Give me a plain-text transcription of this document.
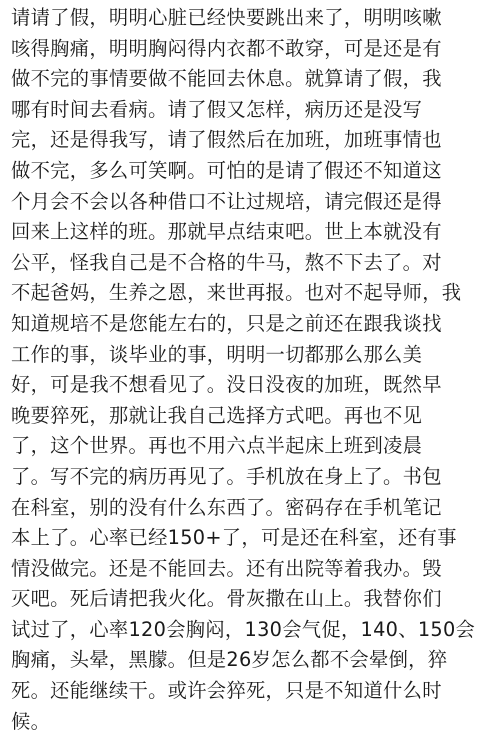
请请了假，明明心脏已经快要跳出来了，明明咳嗽
咳得胸痛，明明胸闷得内衣都不敢穿，可是还是有
做不完的事情要做不能回去休息。就算请了假，我
哪有时间去看病。请了假又怎样，病历还是没写
完，还是得我写，请了假然后在加班，加班事情也
做不完，多么可笑啊。可怕的是请了假还不知道这
个月会不会以各种借口不让过规培，请完假还是得
回来上这样的班。那就早点结束吧。世上本就没有
公平，怪我自己是不合格的牛马，熬不下去了。对
不起爸妈，生养之恩，来世再报。也对不起导师，我
知道规培不是您能左右的，只是之前还在跟我谈找
工作的事，谈毕业的事，明明一切都那么那么美
好，可是我不想看见了。没日没夜的加班，既然早
晚要猝死，那就让我自己选择方式吧。再也不见
了，这个世界。再也不用六点半起床上班到凌晨
了。写不完的病历再见了。手机放在身上了。书包
在科室，别的没有什么东西了。密码存在手机笔记
本上了。心率已经150+了，可是还在科室，还有事
情没做完。还是不能回去。还有出院等着我办。毁
灭吧。死后请把我火化。骨灰撒在山上。我替你们
试过了，心率120会胸闷，130会气促，140、150会
胸痛，头晕，黑朦。但是26岁怎么都不会晕倒，猝
死。还能继续干。或许会猝死，只是不知道什么时
候。
